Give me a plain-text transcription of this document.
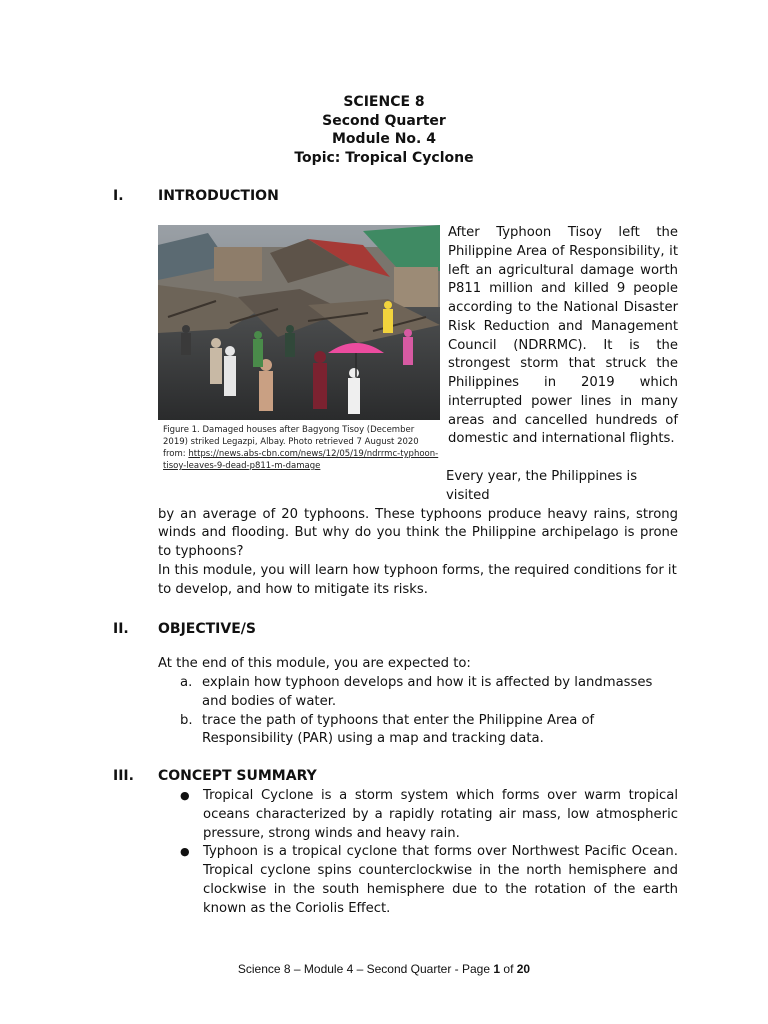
SCIENCE 8
Second Quarter
Module No. 4
Topic: Tropical Cyclone
I. INTRODUCTION
Figure 1. Damaged houses after Bagyong Tisoy (December 2019) striked Legazpi, Albay. Photo retrieved 7 August 2020 from: https://news.abs-cbn.com/news/12/05/19/ndrrmc-typhoon-tisoy-leaves-9-dead-p811-m-damage
After Typhoon Tisoy left the Philippine Area of Responsibility, it left an agricultural damage worth P811 million and killed 9 people according to the National Disaster Risk Reduction and Management Council (NDRRMC). It is the strongest storm that struck the Philippines in 2019 which interrupted power lines in many areas and cancelled hundreds of domestic and international flights.
Every year, the Philippines is visited
by an average of 20 typhoons. These typhoons produce heavy rains, strong winds and flooding. But why do you think the Philippine archipelago is prone to typhoons?
In this module, you will learn how typhoon forms, the required conditions for it to develop, and how to mitigate its risks.
II. OBJECTIVE/S
At the end of this module, you are expected to:
a. explain how typhoon develops and how it is affected by landmasses and bodies of water.
b. trace the path of typhoons that enter the Philippine Area of Responsibility (PAR) using a map and tracking data.
III. CONCEPT SUMMARY
●	Tropical Cyclone is a storm system which forms over warm tropical oceans characterized by a rapidly rotating air mass, low atmospheric pressure, strong winds and heavy rain.
●	Typhoon is a tropical cyclone that forms over Northwest Pacific Ocean. Tropical cyclone spins counterclockwise in the north hemisphere and clockwise in the south hemisphere due to the rotation of the earth known as the Coriolis Effect.
Science 8 – Module 4 – Second Quarter - Page 1 of 20
